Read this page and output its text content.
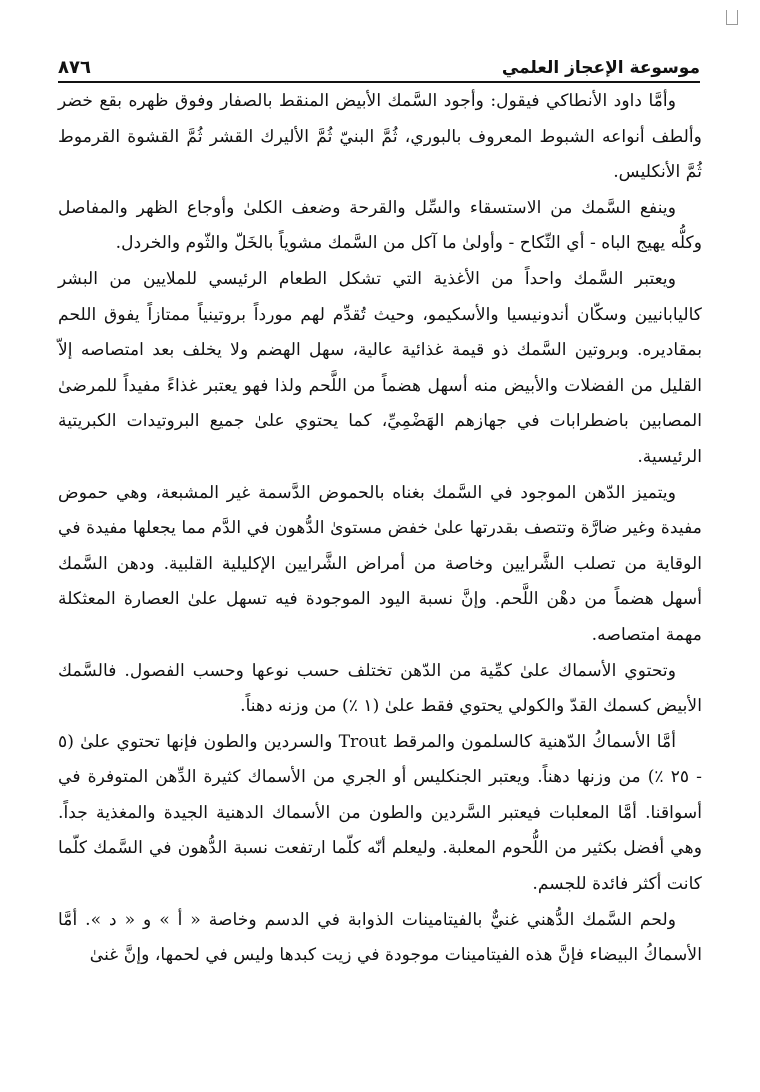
موسوعة الإعجاز العلمي
٨٧٦

وأمَّا داود الأنطاكي فيقول: وأجود السَّمك الأبيض المنقط بالصفار وفوق ظهره بقع خضر وألطف أنواعه الشبوط المعروف بالبوري، ثُمَّ البنيّ ثُمَّ الأليرك القشر ثُمَّ القشوة القرموط ثُمَّ الأنكليس.

وينفع السَّمك من الاستسقاء والسِّل والقرحة وضعف الكلىٰ وأوجاع الظهر والمفاصل وكلُّه يهيج الباه - أي النِّكاح - وأولىٰ ما آكل من السَّمك مشوياً بالخَلّ والثّوم والخردل.

ويعتبر السَّمك واحداً من الأغذية التي تشكل الطعام الرئيسي للملايين من البشر كاليابانيين وسكّان أندونيسيا والأسكيمو، وحيث تُقدِّم لهم مورداً بروتينياً ممتازاً يفوق اللحم بمقاديره. وبروتين السَّمك ذو قيمة غذائية عالية، سهل الهضم ولا يخلف بعد امتصاصه إلاّ القليل من الفضلات والأبيض منه أسهل هضماً من اللَّحم ولذا فهو يعتبر غذاءً مفيداً للمرضىٰ المصابين باضطرابات في جهازهم الهَضْمِيِّ، كما يحتوي علىٰ جميع البروتيدات الكبريتية الرئيسية.

ويتميز الدّهن الموجود في السَّمك بغناه بالحموض الدَّسمة غير المشبعة، وهي حموض مفيدة وغير ضارَّة وتتصف بقدرتها علىٰ خفض مستوىٰ الدُّهون في الدَّم مما يجعلها مفيدة في الوقاية من تصلب الشَّرايين وخاصة من أمراض الشَّرايين الإكليلية القلبية. ودهن السَّمك أسهل هضماً من دهْن اللَّحم. وإنَّ نسبة اليود الموجودة فيه تسهل علىٰ العصارة المعثكلة مهمة امتصاصه.

وتحتوي الأسماك علىٰ كمِّية من الدّهن تختلف حسب نوعها وحسب الفصول. فالسَّمك الأبيض كسمك القدّ والكولي يحتوي فقط علىٰ (١ ٪) من وزنه دهناً.

أمَّا الأسماكُ الدّهنية كالسلمون والمرقط Trout والسردين والطون فإنها تحتوي علىٰ (٥ - ٢٥ ٪) من وزنها دهناً. ويعتبر الجنكليس أو الجري من الأسماك كثيرة الدِّهن المتوفرة في أسواقنا. أمَّا المعلبات فيعتبر السَّردين والطون من الأسماك الدهنية الجيدة والمغذية جداً. وهي أفضل بكثير من اللُّحوم المعلبة. وليعلم أنّه كلّما ارتفعت نسبة الدُّهون في السَّمك كلّما كانت أكثر فائدة للجسم.

ولحم السَّمك الدُّهني غنيٌّ بالفيتامينات الذوابة في الدسم وخاصة « أ » و « د ». أمَّا الأسماكُ البيضاء فإنَّ هذه الفيتامينات موجودة في زيت كبدها وليس في لحمها، وإنَّ غنىٰ
